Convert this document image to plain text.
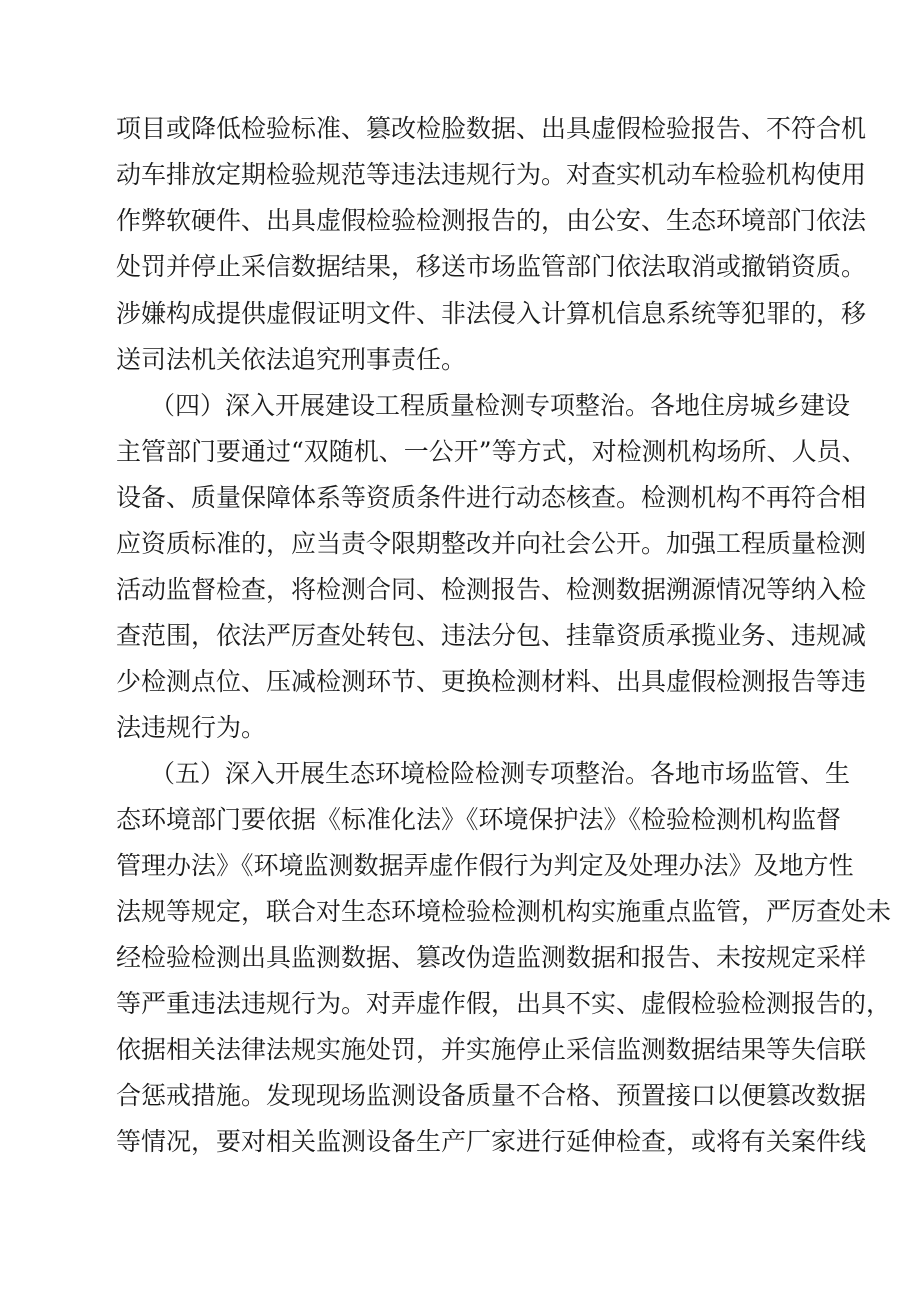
项目或降低检验标准、篡改检脸数据、出具虚假检验报告、不符合机
动车排放定期检验规范等违法违规行为。对查实机动车检验机构使用
作弊软硬件、出具虚假检验检测报告的，由公安、生态环境部门依法
处罚并停止采信数据结果，移送市场监管部门依法取消或撤销资质。
涉嫌构成提供虚假证明文件、非法侵入计算机信息系统等犯罪的，移
送司法机关依法追究刑事责任。
（四）深入开展建设工程质量检测专项整治。各地住房城乡建设
主管部门要通过“双随机、一公开”等方式，对检测机构场所、人员、
设备、质量保障体系等资质条件进行动态核查。检测机构不再符合相
应资质标准的，应当责令限期整改并向社会公开。加强工程质量检测
活动监督检查，将检测合同、检测报告、检测数据溯源情况等纳入检
查范围，依法严厉查处转包、违法分包、挂靠资质承揽业务、违规减
少检测点位、压减检测环节、更换检测材料、出具虚假检测报告等违
法违规行为。
（五）深入开展生态环境检险检测专项整治。各地市场监管、生
态环境部门要依据《标准化法》《环境保护法》《检验检测机构监督
管理办法》《环境监测数据弄虚作假行为判定及处理办法》及地方性
法规等规定，联合对生态环境检验检测机构实施重点监管，严厉查处未
经检验检测出具监测数据、篡改伪造监测数据和报告、未按规定采样
等严重违法违规行为。对弄虚作假，出具不实、虚假检验检测报告的，
依据相关法律法规实施处罚，并实施停止采信监测数据结果等失信联
合惩戒措施。发现现场监测设备质量不合格、预置接口以便篡改数据
等情况，要对相关监测设备生产厂家进行延伸检查，或将有关案件线
